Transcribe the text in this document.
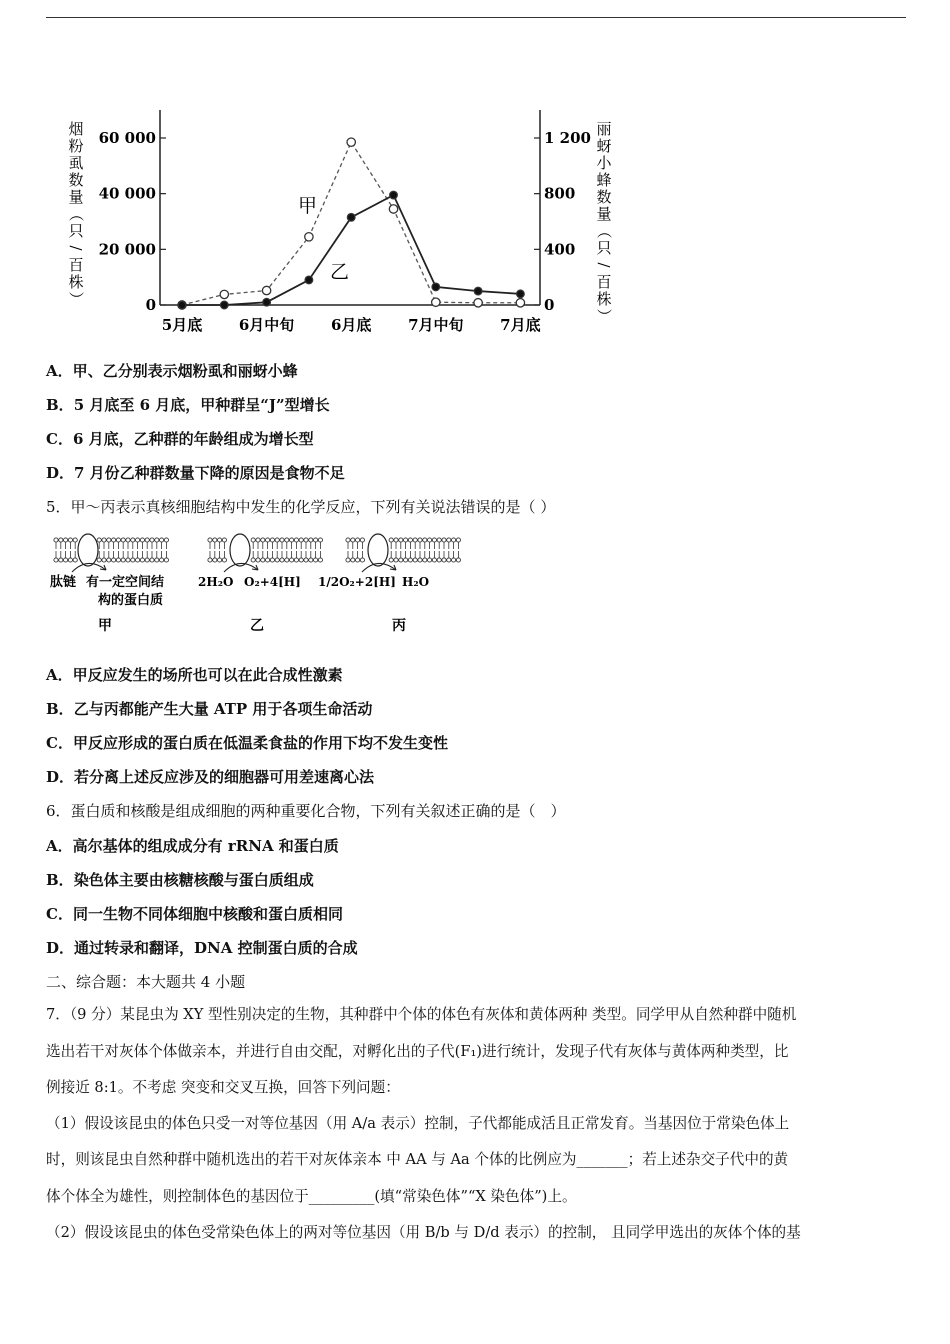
60 000
40 000
20 000
0
1 200
800
400
0
5月底 6月中旬 6月底 7月中旬 7月底
烟
粉
虱
数
量
（
只
/
百
株
）
丽
蚜
小
蜂
数
量
（
只
/
百
株
）
甲
乙
A．甲、乙分别表示烟粉虱和丽蚜小蜂
B．5 月底至 6 月底，甲种群呈“J”型增长
C．6 月底，乙种群的年龄组成为增长型
D．7 月份乙种群数量下降的原因是食物不足
5．甲～丙表示真核细胞结构中发生的化学反应，下列有关说法错误的是（ ）
肽链 有一定空间结
构的蛋白质
甲
2H₂O O₂+4[H]
乙
1/2O₂+2[H] H₂O
丙
A．甲反应发生的场所也可以在此合成性激素
B．乙与丙都能产生大量 ATP 用于各项生命活动
C．甲反应形成的蛋白质在低温柔食盐的作用下均不发生变性
D．若分离上述反应涉及的细胞器可用差速离心法
6．蛋白质和核酸是组成细胞的两种重要化合物，下列有关叙述正确的是（　）
A．高尔基体的组成成分有 rRNA 和蛋白质
B．染色体主要由核糖核酸与蛋白质组成
C．同一生物不同体细胞中核酸和蛋白质相同
D．通过转录和翻译，DNA 控制蛋白质的合成
二、综合题：本大题共 4 小题
7．（9 分）某昆虫为 XY 型性别决定的生物，其种群中个体的体色有灰体和黄体两种 类型。同学甲从自然种群中随机
选出若干对灰体个体做亲本，并进行自由交配，对孵化出的子代(F₁)进行统计，发现子代有灰体与黄体两种类型，比
例接近 8:1。不考虑 突变和交叉互换，回答下列问题：
（1）假设该昆虫的体色只受一对等位基因（用 A/a 表示）控制，子代都能成活且正常发育。当基因位于常染色体上
时，则该昆虫自然种群中随机选出的若干对灰体亲本 中 AA 与 Aa 个体的比例应为_______；若上述杂交子代中的黄
体个体全为雄性，则控制体色的基因位于_________(填“常染色体”“X 染色体”)上。
（2）假设该昆虫的体色受常染色体上的两对等位基因（用 B/b 与 D/d 表示）的控制， 且同学甲选出的灰体个体的基
